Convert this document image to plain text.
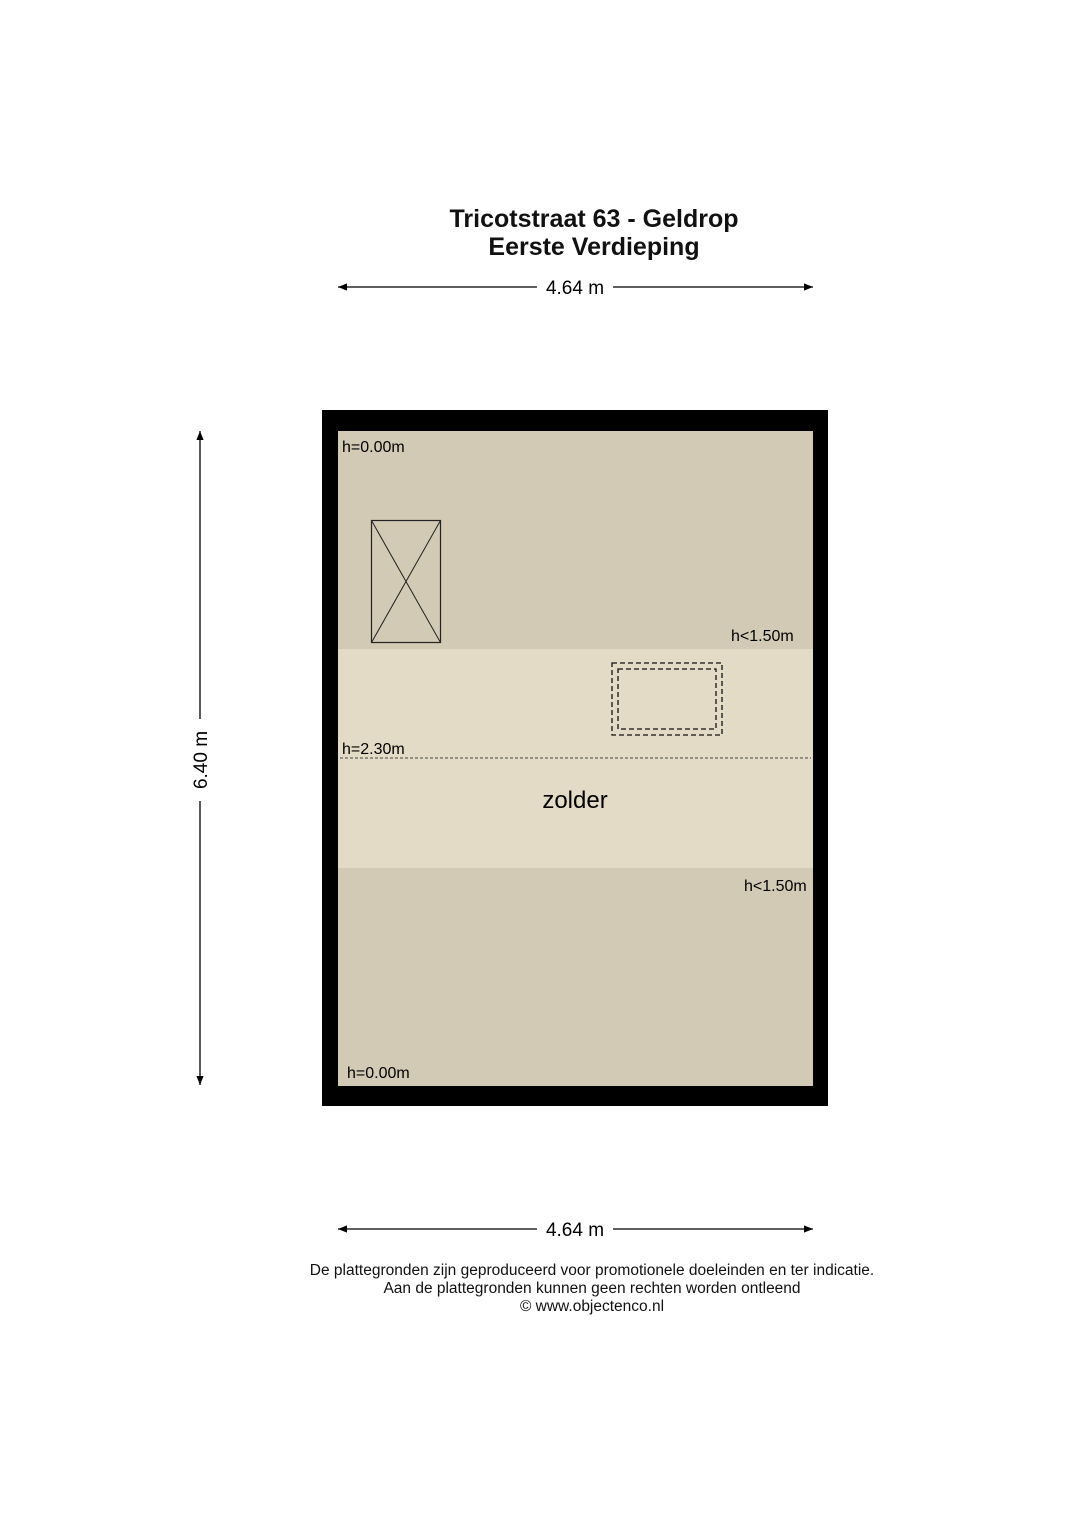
Tricotstraat 63 - Geldrop
Eerste Verdieping
4.64 m
6.40 m
h=0.00m
h<1.50m
h=2.30m
h<1.50m
h=0.00m
zolder
4.64 m
De plattegronden zijn geproduceerd voor promotionele doeleinden en ter indicatie.
Aan de plattegronden kunnen geen rechten worden ontleend
© www.objectenco.nl
